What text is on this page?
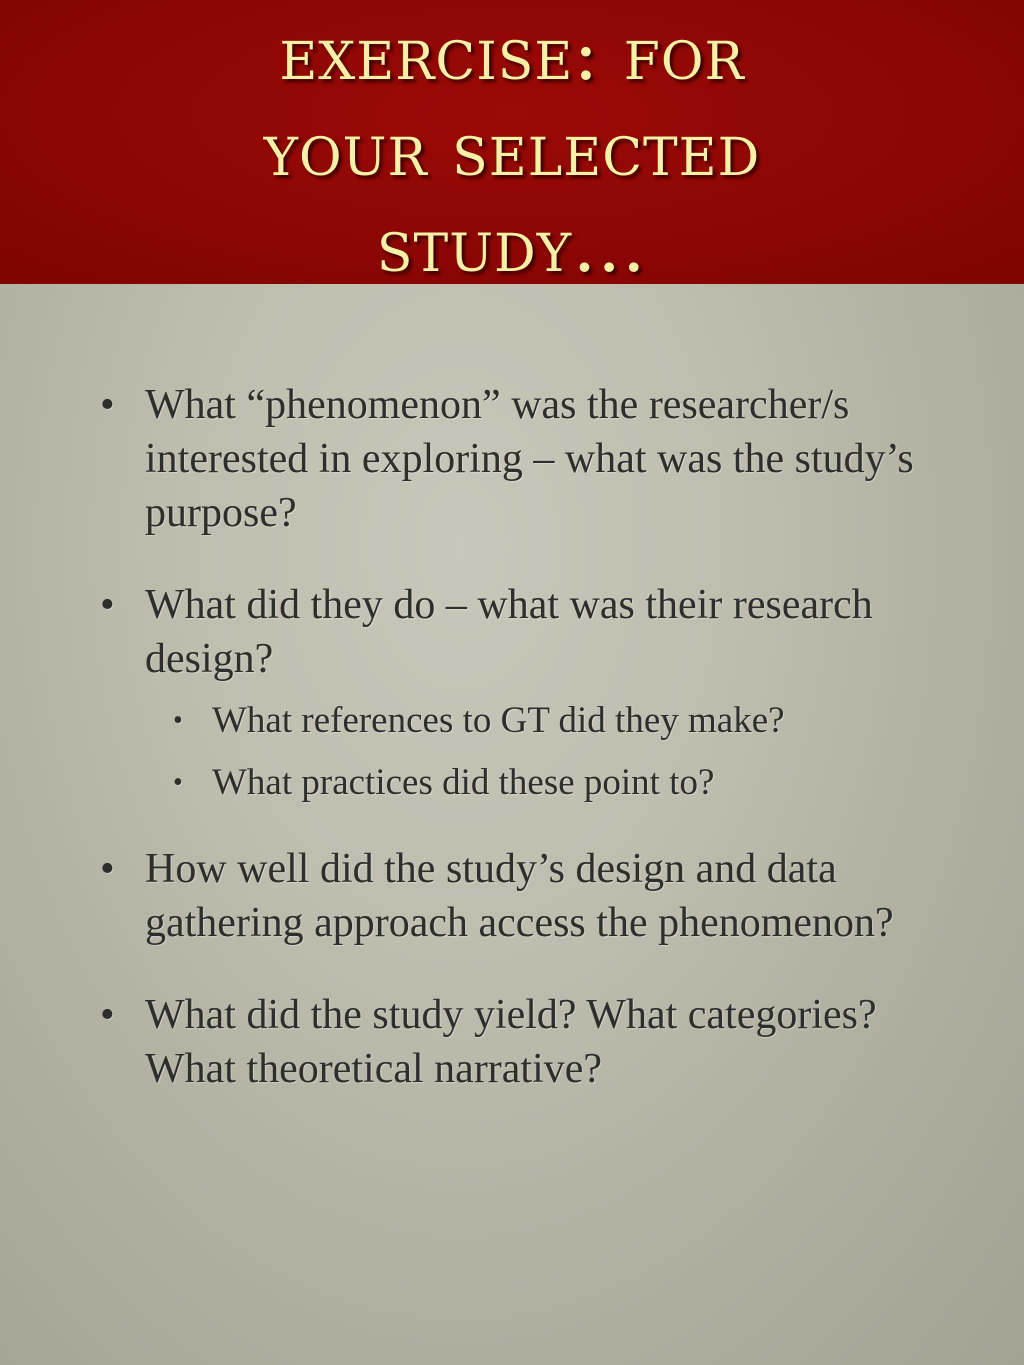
exercise: for
your selected
study…
• What “phenomenon” was the researcher/s interested in exploring – what was the study’s purpose?
• What did they do – what was their research design?
• What references to GT did they make?
• What practices did these point to?
• How well did the study’s design and data gathering approach access the phenomenon?
• What did the study yield? What categories? What theoretical narrative?
